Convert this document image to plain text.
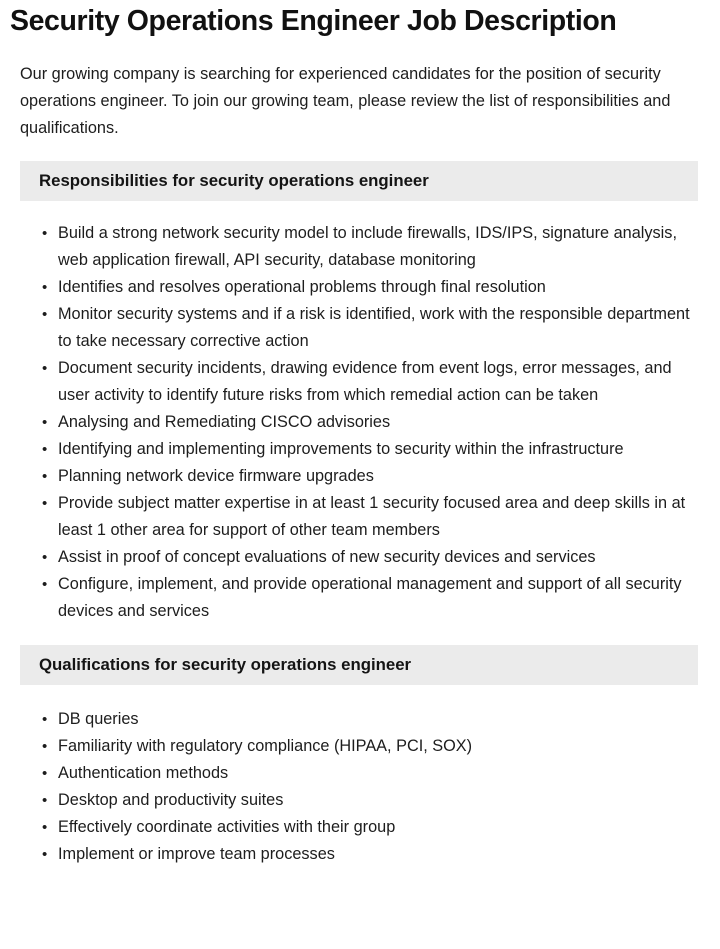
Security Operations Engineer Job Description

Our growing company is searching for experienced candidates for the position of security operations engineer. To join our growing team, please review the list of responsibilities and qualifications.

Responsibilities for security operations engineer
• Build a strong network security model to include firewalls, IDS/IPS, signature analysis, web application firewall, API security, database monitoring
• Identifies and resolves operational problems through final resolution
• Monitor security systems and if a risk is identified, work with the responsible department to take necessary corrective action
• Document security incidents, drawing evidence from event logs, error messages, and user activity to identify future risks from which remedial action can be taken
• Analysing and Remediating CISCO advisories
• Identifying and implementing improvements to security within the infrastructure
• Planning network device firmware upgrades
• Provide subject matter expertise in at least 1 security focused area and deep skills in at least 1 other area for support of other team members
• Assist in proof of concept evaluations of new security devices and services
• Configure, implement, and provide operational management and support of all security devices and services
Qualifications for security operations engineer
• DB queries
• Familiarity with regulatory compliance (HIPAA, PCI, SOX)
• Authentication methods
• Desktop and productivity suites
• Effectively coordinate activities with their group
• Implement or improve team processes
